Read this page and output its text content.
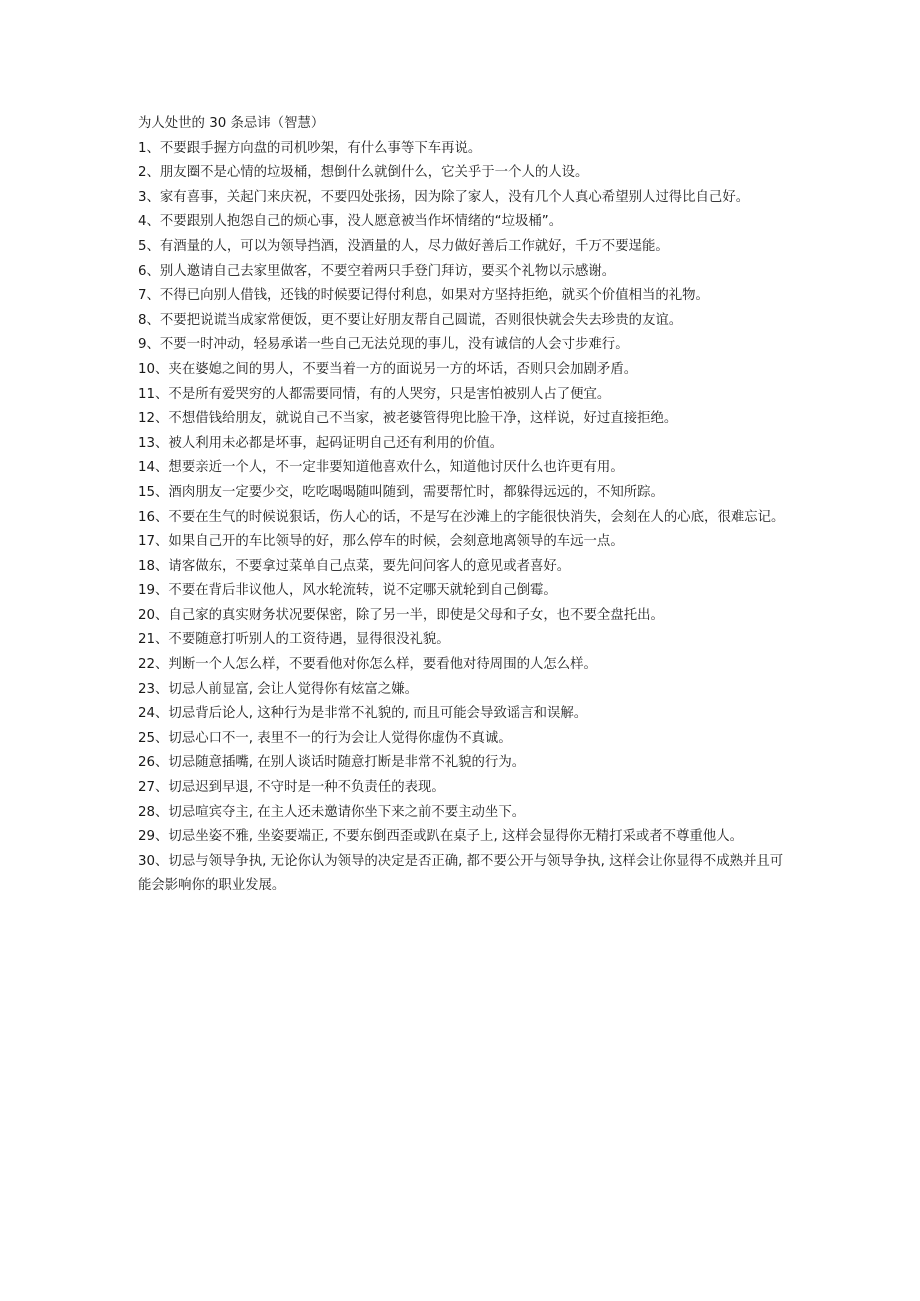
为人处世的 30 条忌讳（智慧）

1、不要跟手握方向盘的司机吵架，有什么事等下车再说。

2、朋友圈不是心情的垃圾桶，想倒什么就倒什么，它关乎于一个人的人设。

3、家有喜事，关起门来庆祝，不要四处张扬，因为除了家人，没有几个人真心希望别人过得比自己好。

4、不要跟别人抱怨自己的烦心事，没人愿意被当作坏情绪的“垃圾桶”。

5、有酒量的人，可以为领导挡酒，没酒量的人，尽力做好善后工作就好，千万不要逞能。

6、别人邀请自己去家里做客，不要空着两只手登门拜访，要买个礼物以示感谢。

7、不得已向别人借钱，还钱的时候要记得付利息，如果对方坚持拒绝，就买个价值相当的礼物。

8、不要把说谎当成家常便饭，更不要让好朋友帮自己圆谎，否则很快就会失去珍贵的友谊。

9、不要一时冲动，轻易承诺一些自己无法兑现的事儿，没有诚信的人会寸步难行。

10、夹在婆媳之间的男人，不要当着一方的面说另一方的坏话，否则只会加剧矛盾。

11、不是所有爱哭穷的人都需要同情，有的人哭穷，只是害怕被别人占了便宜。

12、不想借钱给朋友，就说自己不当家，被老婆管得兜比脸干净，这样说，好过直接拒绝。

13、被人利用未必都是坏事，起码证明自己还有利用的价值。

14、想要亲近一个人，不一定非要知道他喜欢什么，知道他讨厌什么也许更有用。

15、酒肉朋友一定要少交，吃吃喝喝随叫随到，需要帮忙时，都躲得远远的，不知所踪。

16、不要在生气的时候说狠话，伤人心的话，不是写在沙滩上的字能很快消失，会刻在人的心底，很难忘记。

17、如果自己开的车比领导的好，那么停车的时候，会刻意地离领导的车远一点。

18、请客做东，不要拿过菜单自己点菜，要先问问客人的意见或者喜好。

19、不要在背后非议他人，风水轮流转，说不定哪天就轮到自己倒霉。

20、自己家的真实财务状况要保密，除了另一半，即使是父母和子女，也不要全盘托出。

21、不要随意打听别人的工资待遇，显得很没礼貌。

22、判断一个人怎么样，不要看他对你怎么样，要看他对待周围的人怎么样。

23、切忌人前显富, 会让人觉得你有炫富之嫌。

24、切忌背后论人, 这种行为是非常不礼貌的, 而且可能会导致谣言和误解。

25、切忌心口不一, 表里不一的行为会让人觉得你虚伪不真诚。

26、切忌随意插嘴, 在别人谈话时随意打断是非常不礼貌的行为。

27、切忌迟到早退, 不守时是一种不负责任的表现。

28、切忌喧宾夺主, 在主人还未邀请你坐下来之前不要主动坐下。

29、切忌坐姿不雅, 坐姿要端正, 不要东倒西歪或趴在桌子上, 这样会显得你无精打采或者不尊重他人。

30、切忌与领导争执, 无论你认为领导的决定是否正确, 都不要公开与领导争执, 这样会让你显得不成熟并且可能会影响你的职业发展。
